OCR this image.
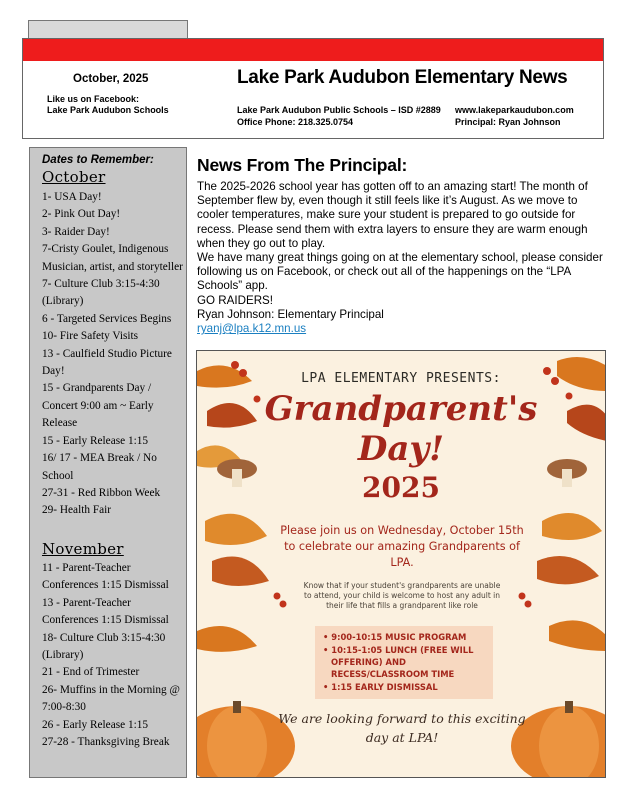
October, 2025
Like us on Facebook:
Lake Park Audubon Schools
Lake Park Audubon Elementary News
Lake Park Audubon Public Schools – ISD #2889
Office Phone: 218.325.0754
www.lakeparkaudubon.com
Principal: Ryan Johnson
Dates to Remember:
October
1- USA Day!
2- Pink Out Day!
3- Raider Day!
7-Cristy Goulet, Indigenous Musician, artist, and storyteller
7- Culture Club 3:15-4:30 (Library)
6 - Targeted Services Begins
10- Fire Safety Visits
13 - Caulfield Studio Picture Day!
15 - Grandparents Day / Concert 9:00 am ~ Early Release
15 - Early Release 1:15
16/ 17 - MEA Break / No School
27-31 - Red Ribbon Week
29- Health Fair
November
11 - Parent-Teacher Conferences 1:15 Dismissal
13 - Parent-Teacher Conferences 1:15 Dismissal
18- Culture Club 3:15-4:30 (Library)
21 - End of Trimester
26- Muffins in the Morning @ 7:00-8:30
26 - Early Release 1:15
27-28 - Thanksgiving Break
News From The Principal:

The 2025-2026 school year has gotten off to an amazing start! The month of September flew by, even though it still feels like it’s August. As we move to cooler temperatures, make sure your student is prepared to go outside for recess. Please send them with extra layers to ensure they are warm enough when they go out to play.

We have many great things going on at the elementary school, please consider following us on Facebook, or check out all of the happenings on the “LPA Schools” app.

GO RAIDERS!

Ryan Johnson: Elementary Principal

ryanj@lpa.k12.mn.us

LPA ELEMENTARY PRESENTS:
Grandparent's
Day!
2025
Please join us on Wednesday, October 15th to celebrate our amazing Grandparents of LPA.
Know that if your student's grandparents are unable to attend, your child is welcome to host any adult in their life that fills a grandparent like role
• 9:00-10:15 MUSIC PROGRAM
• 10:15-1:05 LUNCH (FREE WILL OFFERING) AND RECESS/CLASSROOM TIME
• 1:15 EARLY DISMISSAL
We are looking forward to this exciting day at LPA!
